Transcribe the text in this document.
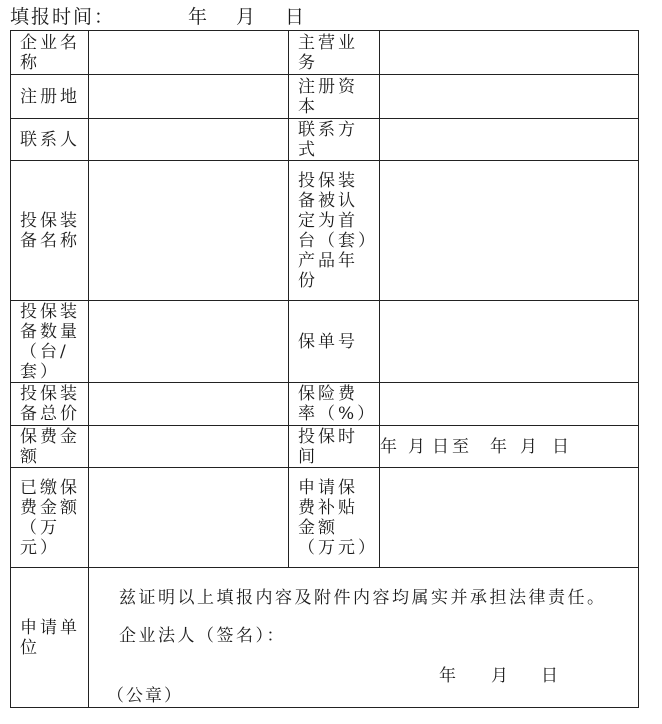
填报时间：	年 月 日
企业名称		主营业务	
注册地		注册资本	
联系人		联系方式	
投保装备名称		投保装备被认定为首台（套）产品年份	
投保装备数量（台/套）		保单号	
投保装备总价		保险费率（%）	
保费金额		投保时间	年 月 日至 年 月 日
已缴保费金额（万元）		申请保费补贴金额（万元）	
申请单位	兹证明以上填报内容及附件内容均属实并承担法律责任。
企业法人（签名）：
年 月 日
（公章）		
